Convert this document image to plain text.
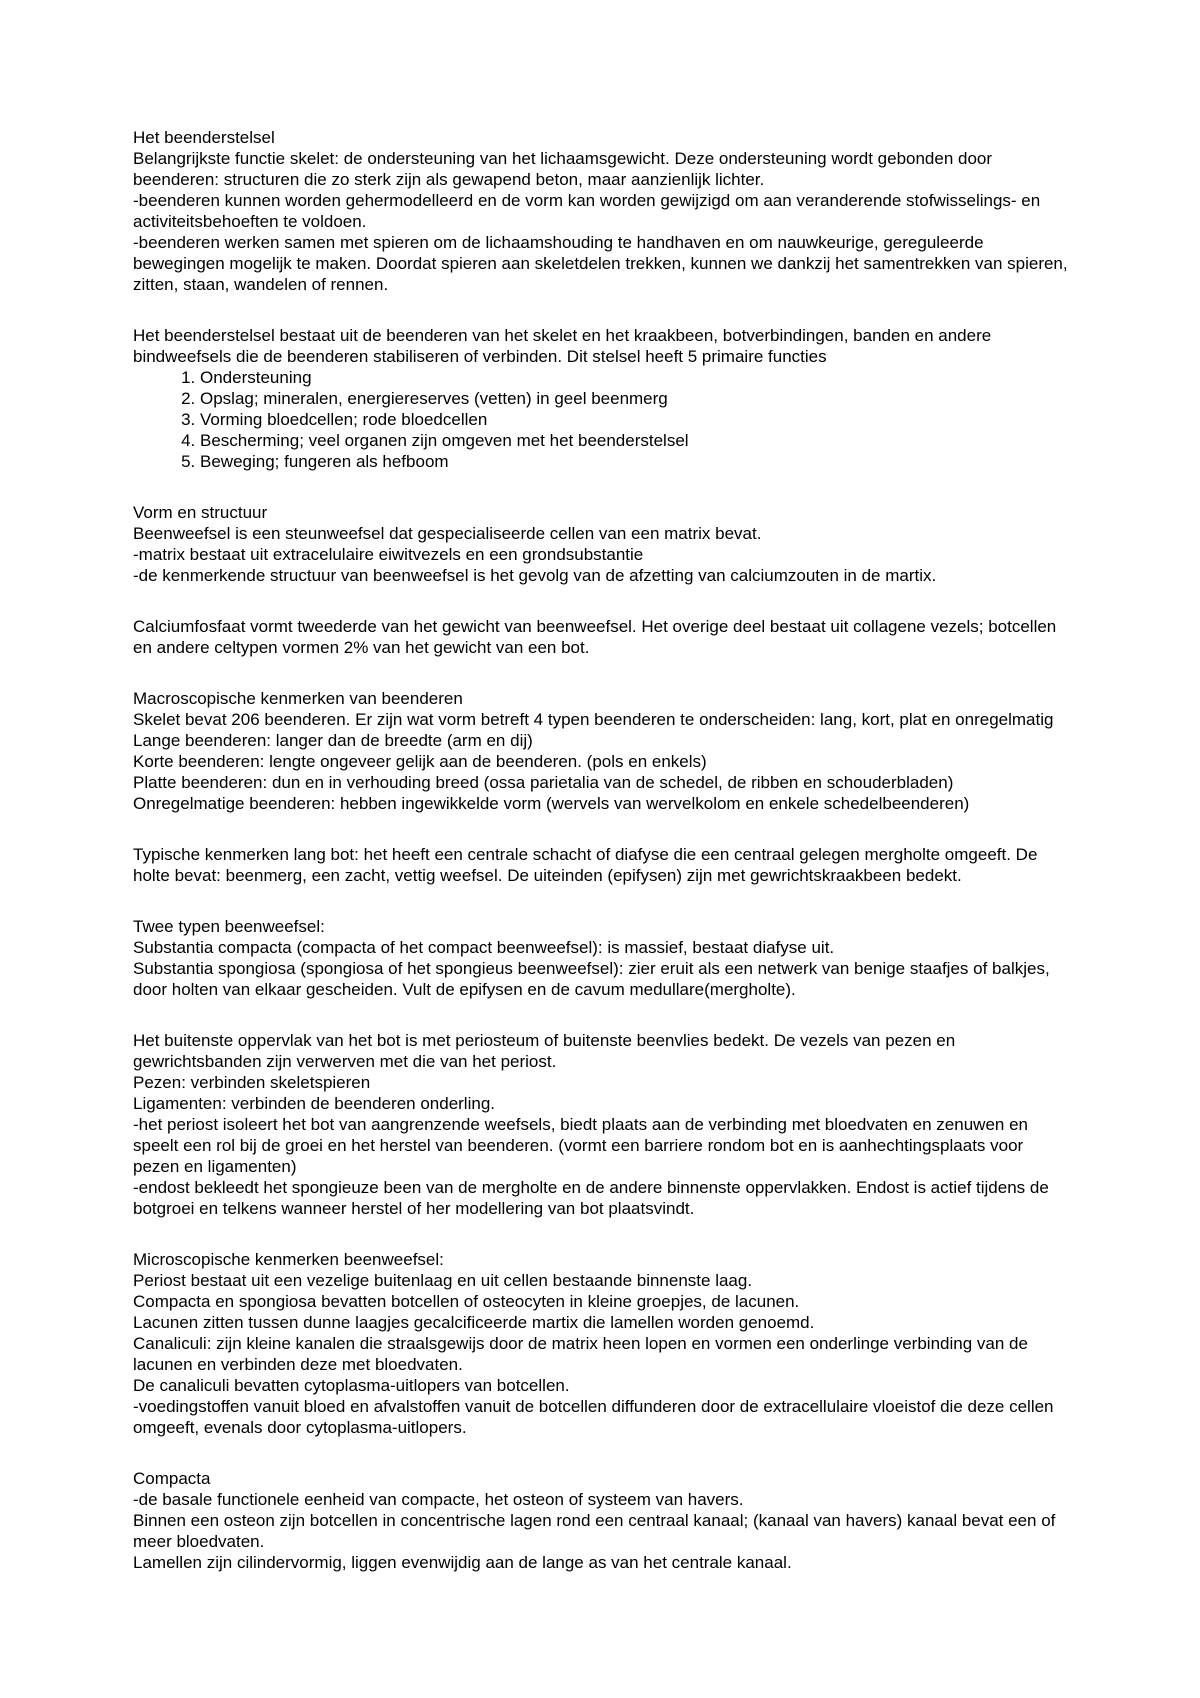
Het beenderstelsel
Belangrijkste functie skelet: de ondersteuning van het lichaamsgewicht. Deze ondersteuning wordt gebonden door beenderen: structuren die zo sterk zijn als gewapend beton, maar aanzienlijk lichter.
-beenderen kunnen worden gehermodelleerd en de vorm kan worden gewijzigd om aan veranderende stofwisselings- en activiteitsbehoeften te voldoen.
-beenderen werken samen met spieren om de lichaamshouding te handhaven en om nauwkeurige, gereguleerde bewegingen mogelijk te maken. Doordat spieren aan skeletdelen trekken, kunnen we dankzij het samentrekken van spieren, zitten, staan, wandelen of rennen.
Het beenderstelsel bestaat uit de beenderen van het skelet en het kraakbeen, botverbindingen, banden en andere bindweefsels die de beenderen stabiliseren of verbinden. Dit stelsel heeft 5 primaire functies
1. Ondersteuning
2. Opslag; mineralen, energiereserves (vetten) in geel beenmerg
3. Vorming bloedcellen; rode bloedcellen
4. Bescherming; veel organen zijn omgeven met het beenderstelsel
5. Beweging; fungeren als hefboom
Vorm en structuur
Beenweefsel is een steunweefsel dat gespecialiseerde cellen van een matrix bevat.
-matrix bestaat uit extracelulaire eiwitvezels en een grondsubstantie
-de kenmerkende structuur van beenweefsel is het gevolg van de afzetting van calciumzouten in de martix.
Calciumfosfaat vormt tweederde van het gewicht van beenweefsel. Het overige deel bestaat uit collagene vezels; botcellen en andere celtypen vormen 2% van het gewicht van een bot.
Macroscopische kenmerken van beenderen
Skelet bevat 206 beenderen. Er zijn wat vorm betreft 4 typen beenderen te onderscheiden: lang, kort, plat en onregelmatig
Lange beenderen: langer dan de breedte (arm en dij)
Korte beenderen: lengte ongeveer gelijk aan de beenderen. (pols en enkels)
Platte beenderen: dun en in verhouding breed (ossa parietalia van de schedel, de ribben en schouderbladen)
Onregelmatige beenderen: hebben ingewikkelde vorm (wervels van wervelkolom en enkele schedelbeenderen)
Typische kenmerken lang bot: het heeft een centrale schacht of diafyse die een centraal gelegen mergholte omgeeft. De holte bevat: beenmerg, een zacht, vettig weefsel. De uiteinden (epifysen) zijn met gewrichtskraakbeen bedekt.
Twee typen beenweefsel:
Substantia compacta (compacta of het compact beenweefsel): is massief, bestaat diafyse uit.
Substantia spongiosa (spongiosa of het spongieus beenweefsel): zier eruit als een netwerk van benige staafjes of balkjes, door holten van elkaar gescheiden. Vult de epifysen en de cavum medullare(mergholte).
Het buitenste oppervlak van het bot is met periosteum of buitenste beenvlies bedekt. De vezels van pezen en gewrichtsbanden zijn verwerven met die van het periost.
Pezen: verbinden skeletspieren
Ligamenten: verbinden de beenderen onderling.
-het periost isoleert het bot van aangrenzende weefsels, biedt plaats aan de verbinding met bloedvaten en zenuwen en speelt een rol bij de groei en het herstel van beenderen. (vormt een barriere rondom bot en is aanhechtingsplaats voor pezen en ligamenten)
-endost bekleedt het spongieuze been van de mergholte en de andere binnenste oppervlakken. Endost is actief tijdens de botgroei en telkens wanneer herstel of her modellering van bot plaatsvindt.
Microscopische kenmerken beenweefsel:
Periost bestaat uit een vezelige buitenlaag en uit cellen bestaande binnenste laag.
Compacta en spongiosa bevatten botcellen of osteocyten in kleine groepjes, de lacunen.
Lacunen zitten tussen dunne laagjes gecalcificeerde martix die lamellen worden genoemd.
Canaliculi: zijn kleine kanalen die straalsgewijs door de matrix heen lopen en vormen een onderlinge verbinding van de lacunen en verbinden deze met bloedvaten.
De canaliculi bevatten cytoplasma-uitlopers van botcellen.
-voedingstoffen vanuit bloed en afvalstoffen vanuit de botcellen diffunderen door de extracellulaire vloeistof die deze cellen omgeeft, evenals door cytoplasma-uitlopers.
Compacta
-de basale functionele eenheid van compacte, het osteon of systeem van havers.
Binnen een osteon zijn botcellen in concentrische lagen rond een centraal kanaal; (kanaal van havers) kanaal bevat een of meer bloedvaten.
Lamellen zijn cilindervormig, liggen evenwijdig aan de lange as van het centrale kanaal.
